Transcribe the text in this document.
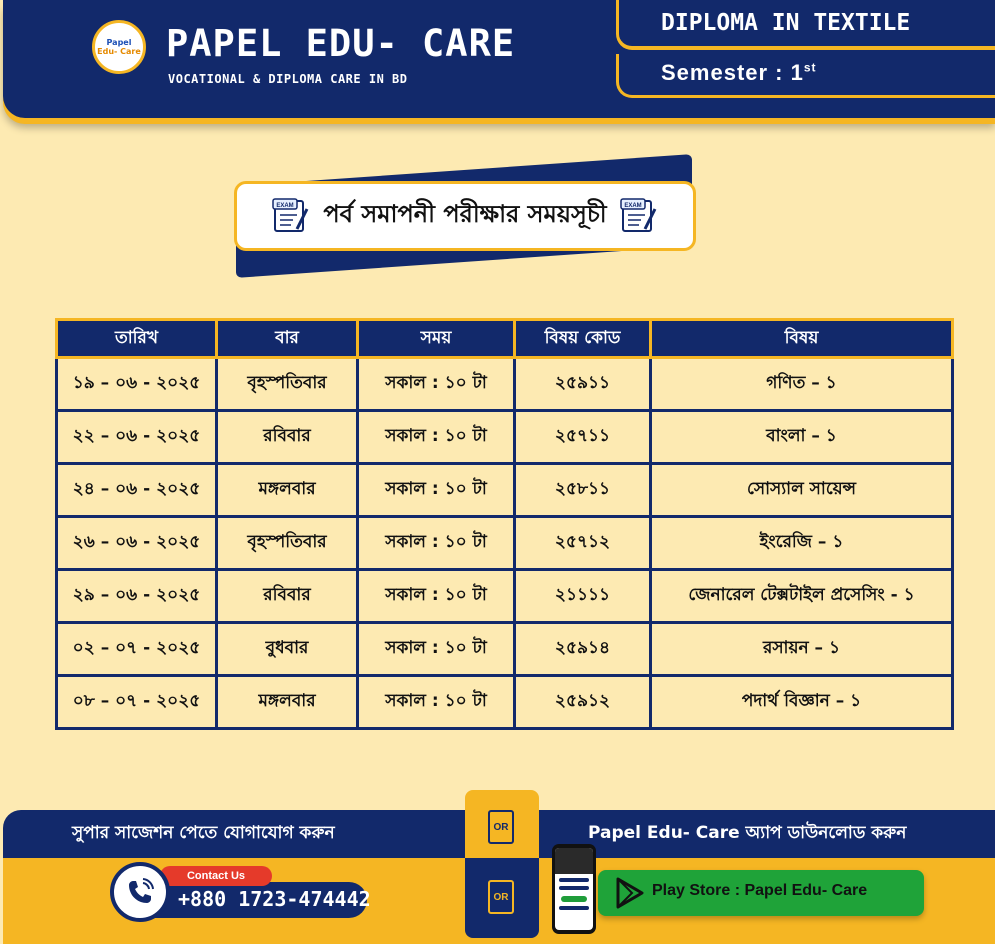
Papel
Edu- Care PAPEL EDU- CARE
VOCATIONAL & DIPLOMA CARE IN BD
DIPLOMA IN TEXTILE
Semester : 1st
EXAM পর্ব সমাপনী পরীক্ষার সময়সূচী	EXAM
তারিখ	বার	সময়	বিষয় কোড	বিষয়
১৯ – ০৬ - ২০২৫	বৃহস্পতিবার	সকাল : ১০ টা	২৫৯১১	গণিত – ১
২২ – ০৬ - ২০২৫	রবিবার	সকাল : ১০ টা	২৫৭১১	বাংলা – ১
২৪ – ০৬ - ২০২৫	মঙ্গলবার	সকাল : ১০ টা	২৫৮১১	সোস্যাল সায়েন্স
২৬ – ০৬ - ২০২৫	বৃহস্পতিবার	সকাল : ১০ টা	২৫৭১২	ইংরেজি – ১
২৯ – ০৬ - ২০২৫	রবিবার	সকাল : ১০ টা	২১১১১	জেনারেল টেক্সটাইল প্রসেসিং - ১
০২ – ০৭ - ২০২৫	বুধবার	সকাল : ১০ টা	২৫৯১৪	রসায়ন – ১
০৮ – ০৭ - ২০২৫	মঙ্গলবার	সকাল : ১০ টা	২৫৯১২	পদার্থ বিজ্ঞান – ১
সুপার সাজেশন পেতে যোগাযোগ করুন	Papel Edu- Care অ্যাপ ডাউনলোড করুন
OR
OR
Contact Us
+880 1723-474442	Play Store : Papel Edu- Care
